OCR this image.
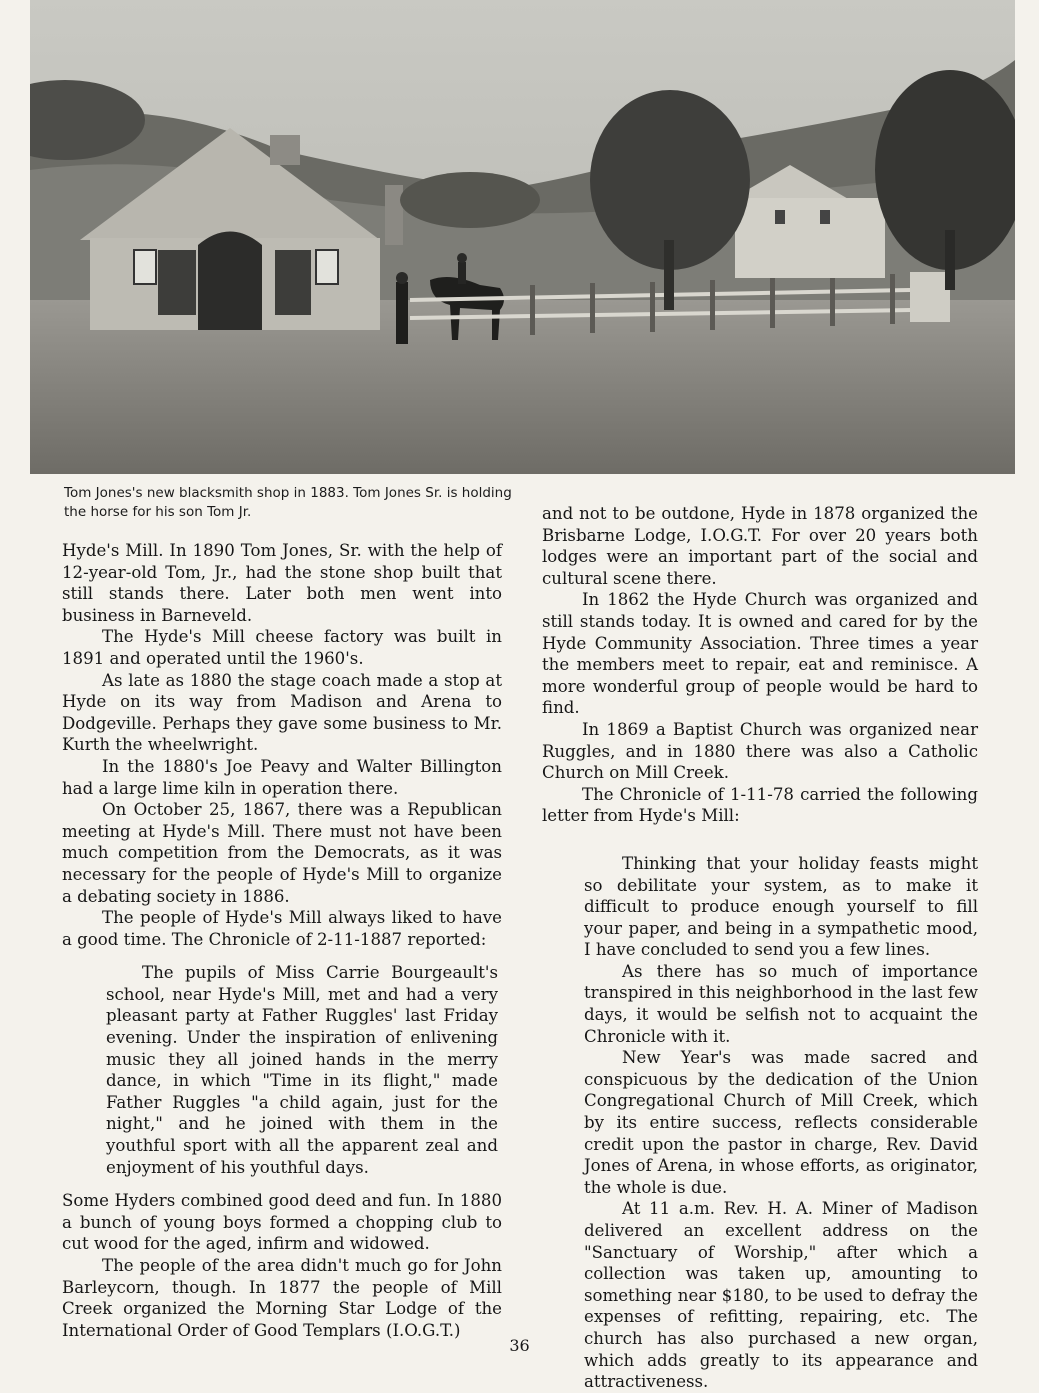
Tom Jones's new blacksmith shop in 1883. Tom Jones Sr. is holding the horse for his son Tom Jr.

Hyde's Mill. In 1890 Tom Jones, Sr. with the help of 12-year-old Tom, Jr., had the stone shop built that still stands there. Later both men went into business in Barneveld.

The Hyde's Mill cheese factory was built in 1891 and operated until the 1960's.

As late as 1880 the stage coach made a stop at Hyde on its way from Madison and Arena to Dodgeville. Perhaps they gave some business to Mr. Kurth the wheelwright.

In the 1880's Joe Peavy and Walter Billington had a large lime kiln in operation there.

On October 25, 1867, there was a Republican meeting at Hyde's Mill. There must not have been much competition from the Democrats, as it was necessary for the people of Hyde's Mill to organize a debating society in 1886.

The people of Hyde's Mill always liked to have a good time. The Chronicle of 2-11-1887 reported:

The pupils of Miss Carrie Bourgeault's school, near Hyde's Mill, met and had a very pleasant party at Father Ruggles' last Friday evening. Under the inspiration of enlivening music they all joined hands in the merry dance, in which "Time in its flight," made Father Ruggles "a child again, just for the night," and he joined with them in the youthful sport with all the apparent zeal and enjoyment of his youthful days.

Some Hyders combined good deed and fun. In 1880 a bunch of young boys formed a chopping club to cut wood for the aged, infirm and widowed.

The people of the area didn't much go for John Barleycorn, though. In 1877 the people of Mill Creek organized the Morning Star Lodge of the International Order of Good Templars (I.O.G.T.)

and not to be outdone, Hyde in 1878 organized the Brisbarne Lodge, I.O.G.T. For over 20 years both lodges were an important part of the social and cultural scene there.

In 1862 the Hyde Church was organized and still stands today. It is owned and cared for by the Hyde Community Association. Three times a year the members meet to repair, eat and reminisce. A more wonderful group of people would be hard to find.

In 1869 a Baptist Church was organized near Ruggles, and in 1880 there was also a Catholic Church on Mill Creek.

The Chronicle of 1-11-78 carried the following letter from Hyde's Mill:

Thinking that your holiday feasts might so debilitate your system, as to make it difficult to produce enough yourself to fill your paper, and being in a sympathetic mood, I have concluded to send you a few lines.

As there has so much of importance transpired in this neighborhood in the last few days, it would be selfish not to acquaint the Chronicle with it.

New Year's was made sacred and conspicuous by the dedication of the Union Congregational Church of Mill Creek, which by its entire success, reflects considerable credit upon the pastor in charge, Rev. David Jones of Arena, in whose efforts, as originator, the whole is due.

At 11 a.m. Rev. H. A. Miner of Madison delivered an excellent address on the "Sanctuary of Worship," after which a collection was taken up, amounting to something near $180, to be used to defray the expenses of refitting, repairing, etc. The church has also purchased a new organ, which adds greatly to its appearance and attractiveness.

36
